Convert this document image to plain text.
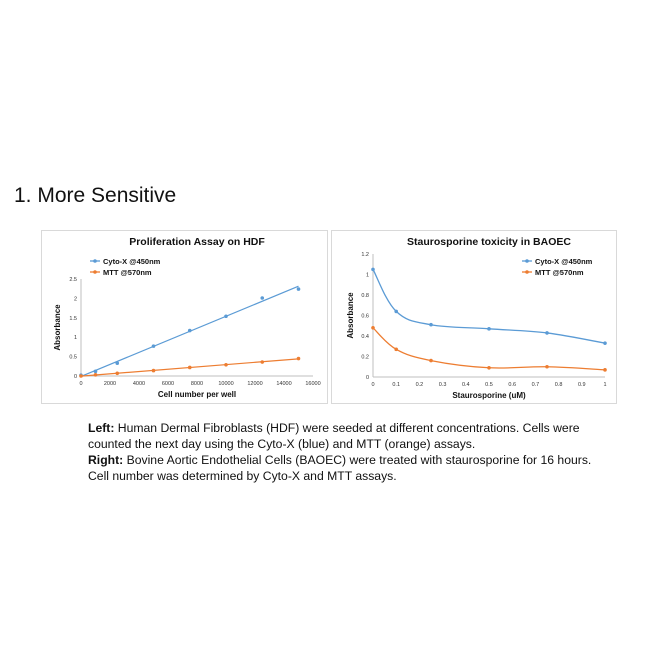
1. More Sensitive
Proliferation Assay on HDF
0	2000	4000	6000	8000	10000 12000 14000 16000
0
0.5
1
1.5
2
2.5
Cell number per well
Absorbance
Cyto-X @450nm
MTT @570nm
Staurosporine toxicity in BAOEC
0	0.1	0.2	0.3	0.4	0.5	0.6	0.7	0.8	0.9	1
0
0.2
0.4
0.6
0.8
1
1.2
Staurosporine (uM)
Absorbance
Cyto-X @450nm
MTT @570nm

Left: Human Dermal Fibroblasts (HDF) were seeded at different concentrations. Cells were counted the next day using the Cyto-X (blue) and MTT (orange) assays.

Right: Bovine Aortic Endothelial Cells (BAOEC) were treated with staurosporine for 16 hours. Cell number was determined by Cyto-X and MTT assays.
